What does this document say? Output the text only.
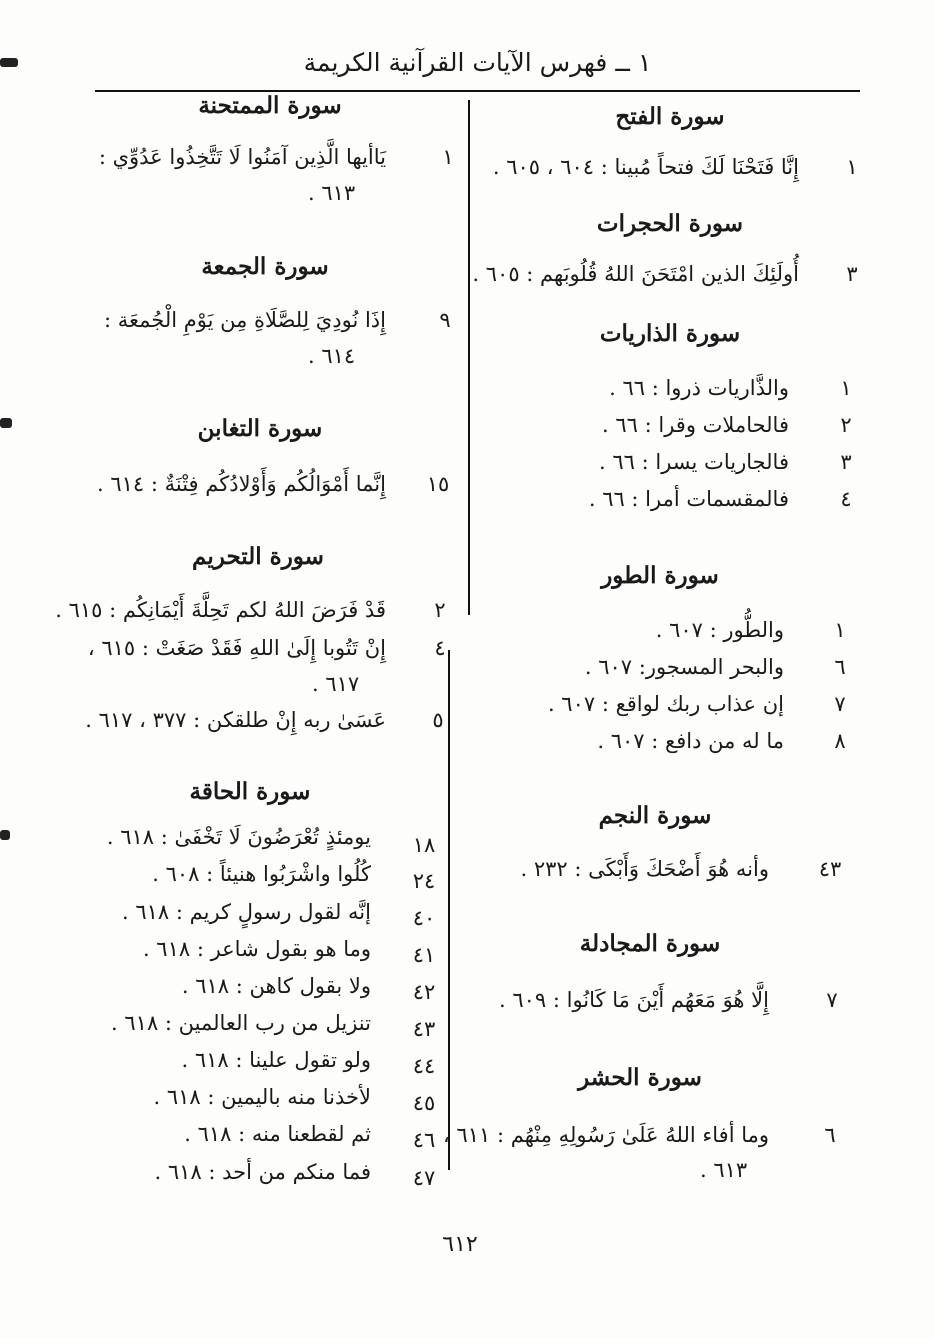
١ ــ فهرس الآيات القرآنية الكريمة
سورة الفتح
١
إِنَّا فَتَحْنَا لَكَ فتحاً مُبينا : ٦٠٤ ، ٦٠٥ .
سورة الحجرات
٣
أُولَئِكَ الذين امْتَحَنَ اللهُ قُلُوبَهم : ٦٠٥ .
سورة الذاريات
١
والذَّاريات ذروا : ٦٦ .
٢
فالحاملات وقرا : ٦٦ .
٣
فالجاريات يسرا : ٦٦ .
٤
فالمقسمات أمرا : ٦٦ .
سورة الطور
١
والطُّور : ٦٠٧ .
٦
والبحر المسجور: ٦٠٧ .
٧
إن عذاب ربك لواقع : ٦٠٧ .
٨
ما له من دافع : ٦٠٧ .
سورة النجم
٤٣
وأنه هُوَ أَضْحَكَ وَأَبْكَى : ٢٣٢ .
سورة المجادلة
٧
إِلَّا هُوَ مَعَهُم أَيْنَ مَا كَانُوا : ٦٠٩ .
سورة الحشر
٦
وما أفاء اللهُ عَلَىٰ رَسُولِهِ مِنْهُم : ٦١١ ،
٦١٣ .
سورة الممتحنة
١
يَاأيها الَّذِين آمَنُوا لَا تَتَّخِذُوا عَدُوِّي :
٦١٣ .
سورة الجمعة
٩
إِذَا نُودِيَ لِلصَّلَاةِ مِن يَوْمِ الْجُمعَة :
٦١٤ .
سورة التغابن
١٥
إِنَّما أَمْوَالُكُم وَأَوْلادُكُم فِتْنَةٌ : ٦١٤ .
سورة التحريم
٢
قَدْ فَرَضَ اللهُ لكم تَحِلَّةَ أَيْمَانِكُم : ٦١٥ .
٤
إِنْ تَتُوبا إِلَىٰ اللهِ فَقَدْ صَغَتْ : ٦١٥ ،
٦١٧ .
٥
عَسَىٰ ربه إِنْ طلقكن : ٣٧٧ ، ٦١٧ .
سورة الحاقة
١٨
يومئذٍ تُعْرَضُونَ لَا تَخْفَىٰ : ٦١٨ .
٢٤
كُلُوا واشْرَبُوا هنيئاً : ٦٠٨ .
٤٠
إنَّه لقول رسولٍ كريم : ٦١٨ .
٤١
وما هو بقول شاعر : ٦١٨ .
٤٢
ولا بقول كاهن : ٦١٨ .
٤٣
تنزيل من رب العالمين : ٦١٨ .
٤٤
ولو تقول علينا : ٦١٨ .
٤٥
لأخذنا منه باليمين : ٦١٨ .
٤٦
ثم لقطعنا منه : ٦١٨ .
٤٧
فما منكم من أحد : ٦١٨ .
٦١٢
